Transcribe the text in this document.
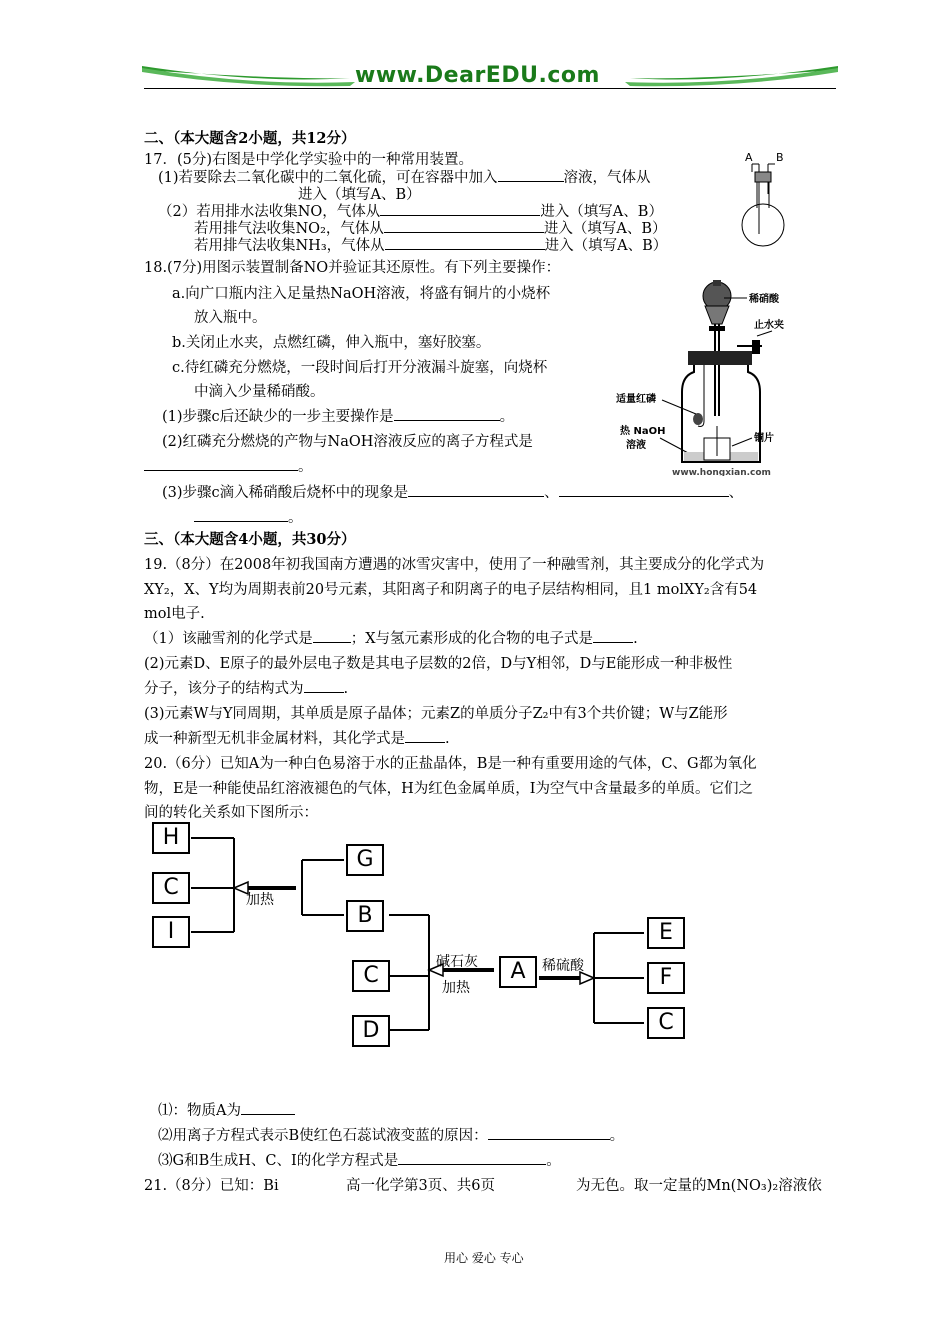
www.DearEDU.com
二、（本大题含2小题，共12分）
17．(5分)右图是中学化学实验中的一种常用装置。
(1)若要除去二氧化碳中的二氧化硫，可在容器中加入	溶液，气体从
进入（填写A、B）
（2）若用排水法收集NO，气体从	进入（填写A、B）
若用排气法收集NO₂，气体从	进入（填写A、B）
若用排气法收集NH₃，气体从	进入（填写A、B）
A B
18.(7分)用图示装置制备NO并验证其还原性。有下列主要操作：
a.向广口瓶内注入足量热NaOH溶液，将盛有铜片的小烧杯
放入瓶中。
b.关闭止水夹，点燃红磷，伸入瓶中，塞好胶塞。
c.待红磷充分燃烧，一段时间后打开分液漏斗旋塞，向烧杯
中滴入少量稀硝酸。
(1)步骤c后还缺少的一步主要操作是	。
(2)红磷充分燃烧的产物与NaOH溶液反应的离子方程式是
。
(3)步骤c滴入稀硝酸后烧杯中的现象是	、	、
。
稀硝酸
止水夹
适量红磷
热 NaOH
溶液
铜片
www.hongxian.com
三、（本大题含4小题，共30分）
19.（8分）在2008年初我国南方遭遇的冰雪灾害中，使用了一种融雪剂，其主要成分的化学式为
XY₂，X、Y均为周期表前20号元素，其阳离子和阴离子的电子层结构相同，且1 molXY₂含有54
mol电子.
（1）该融雪剂的化学式是	；X与氢元素形成的化合物的电子式是	.
(2)元素D、E原子的最外层电子数是其电子层数的2倍，D与Y相邻，D与E能形成一种非极性
分子，该分子的结构式为	.
(3)元素W与Y同周期，其单质是原子晶体；元素Z的单质分子Z₂中有3个共价键；W与Z能形
成一种新型无机非金属材料，其化学式是	.
20.（6分）已知A为一种白色易溶于水的正盐晶体，B是一种有重要用途的气体，C、G都为氧化
物，E是一种能使品红溶液褪色的气体，H为红色金属单质，I为空气中含量最多的单质。它们之
间的转化关系如下图所示：
加热
碱石灰
加热
稀硫酸
H
C
I
G
B
C
D
A
E
F
C
⑴：物质A为
⑵用离子方程式表示B使红色石蕊试液变蓝的原因：	。
⑶G和B生成H、C、I的化学方程式是	。
21.（8分）已知：Bi	高一化学第3页、共6页	为无色。取一定量的Mn(NO₃)₂溶液依
用心 爱心 专心
